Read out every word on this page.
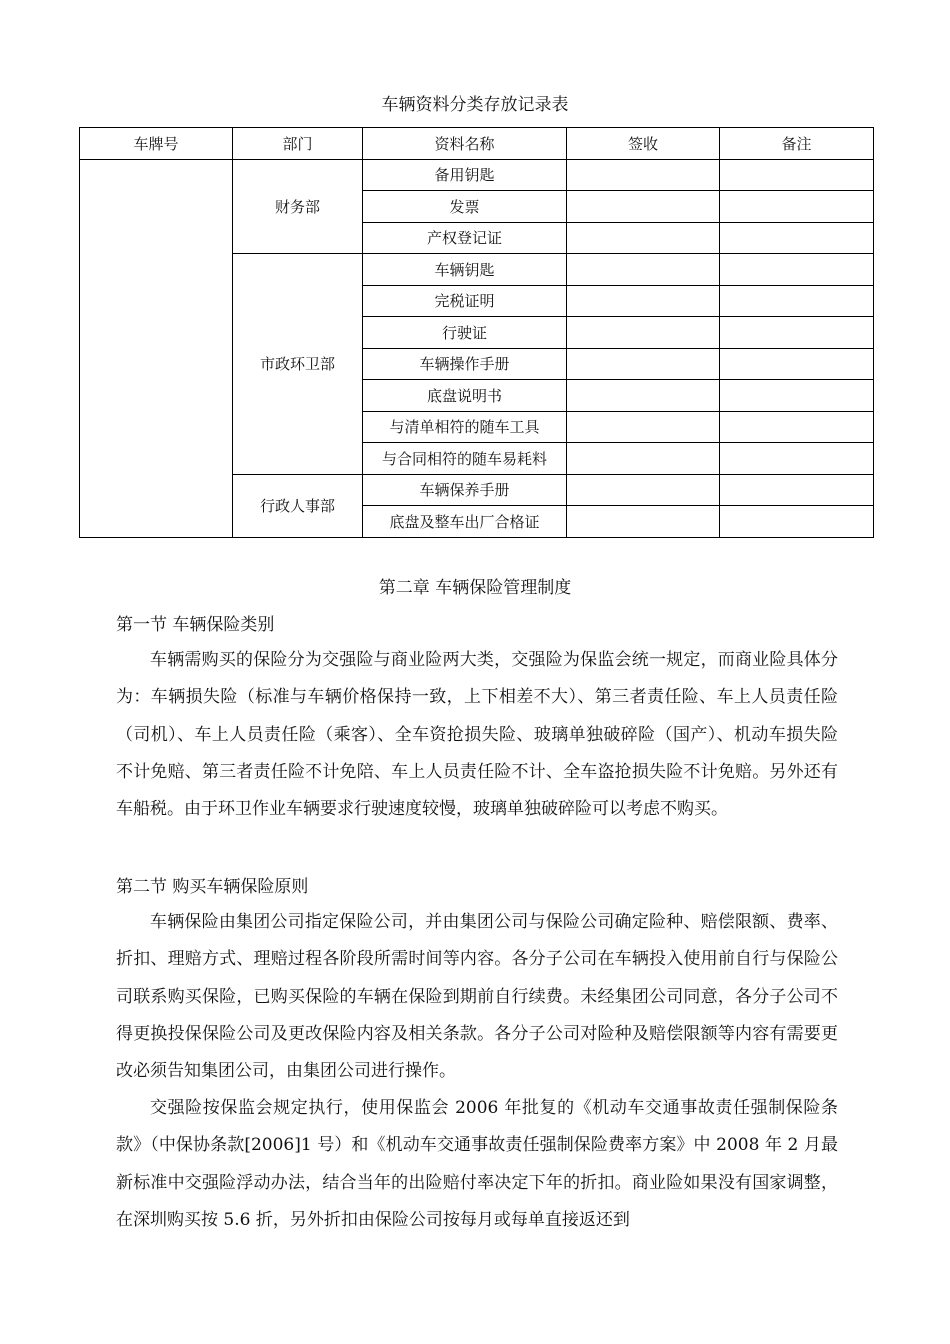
车辆资料分类存放记录表
车牌号	部门	资料名称	签收	备注
	财务部	备用钥匙		
		发票		
		产权登记证		
	市政环卫部	车辆钥匙		
		完税证明		
		行驶证		
		车辆操作手册		
		底盘说明书		
		与清单相符的随车工具		
		与合同相符的随车易耗料		
	行政人事部	车辆保养手册		
		底盘及整车出厂合格证		
第二章 车辆保险管理制度
第一节 车辆保险类别
车辆需购买的保险分为交强险与商业险两大类，交强险为保监会统一规定，而商业险具体分为：车辆损失险（标准与车辆价格保持一致，上下相差不大）、第三者责任险、车上人员责任险（司机）、车上人员责任险（乘客）、全车资抢损失险、玻璃单独破碎险（国产）、机动车损失险不计免赔、第三者责任险不计免陪、车上人员责任险不计、全车盗抢损失险不计免赔。另外还有车船税。由于环卫作业车辆要求行驶速度较慢，玻璃单独破碎险可以考虑不购买。
第二节 购买车辆保险原则
车辆保险由集团公司指定保险公司，并由集团公司与保险公司确定险种、赔偿限额、费率、折扣、理赔方式、理赔过程各阶段所需时间等内容。各分子公司在车辆投入使用前自行与保险公司联系购买保险，已购买保险的车辆在保险到期前自行续费。未经集团公司同意，各分子公司不得更换投保保险公司及更改保险内容及相关条款。各分子公司对险种及赔偿限额等内容有需要更改必须告知集团公司，由集团公司进行操作。
交强险按保监会规定执行，使用保监会 2006 年批复的《机动车交通事故责任强制保险条款》（中保协条款[2006]1 号）和《机动车交通事故责任强制保险费率方案》中 2008 年 2 月最新标准中交强险浮动办法，结合当年的出险赔付率决定下年的折扣。商业险如果没有国家调整，在深圳购买按 5.6 折，另外折扣由保险公司按每月或每单直接返还到
